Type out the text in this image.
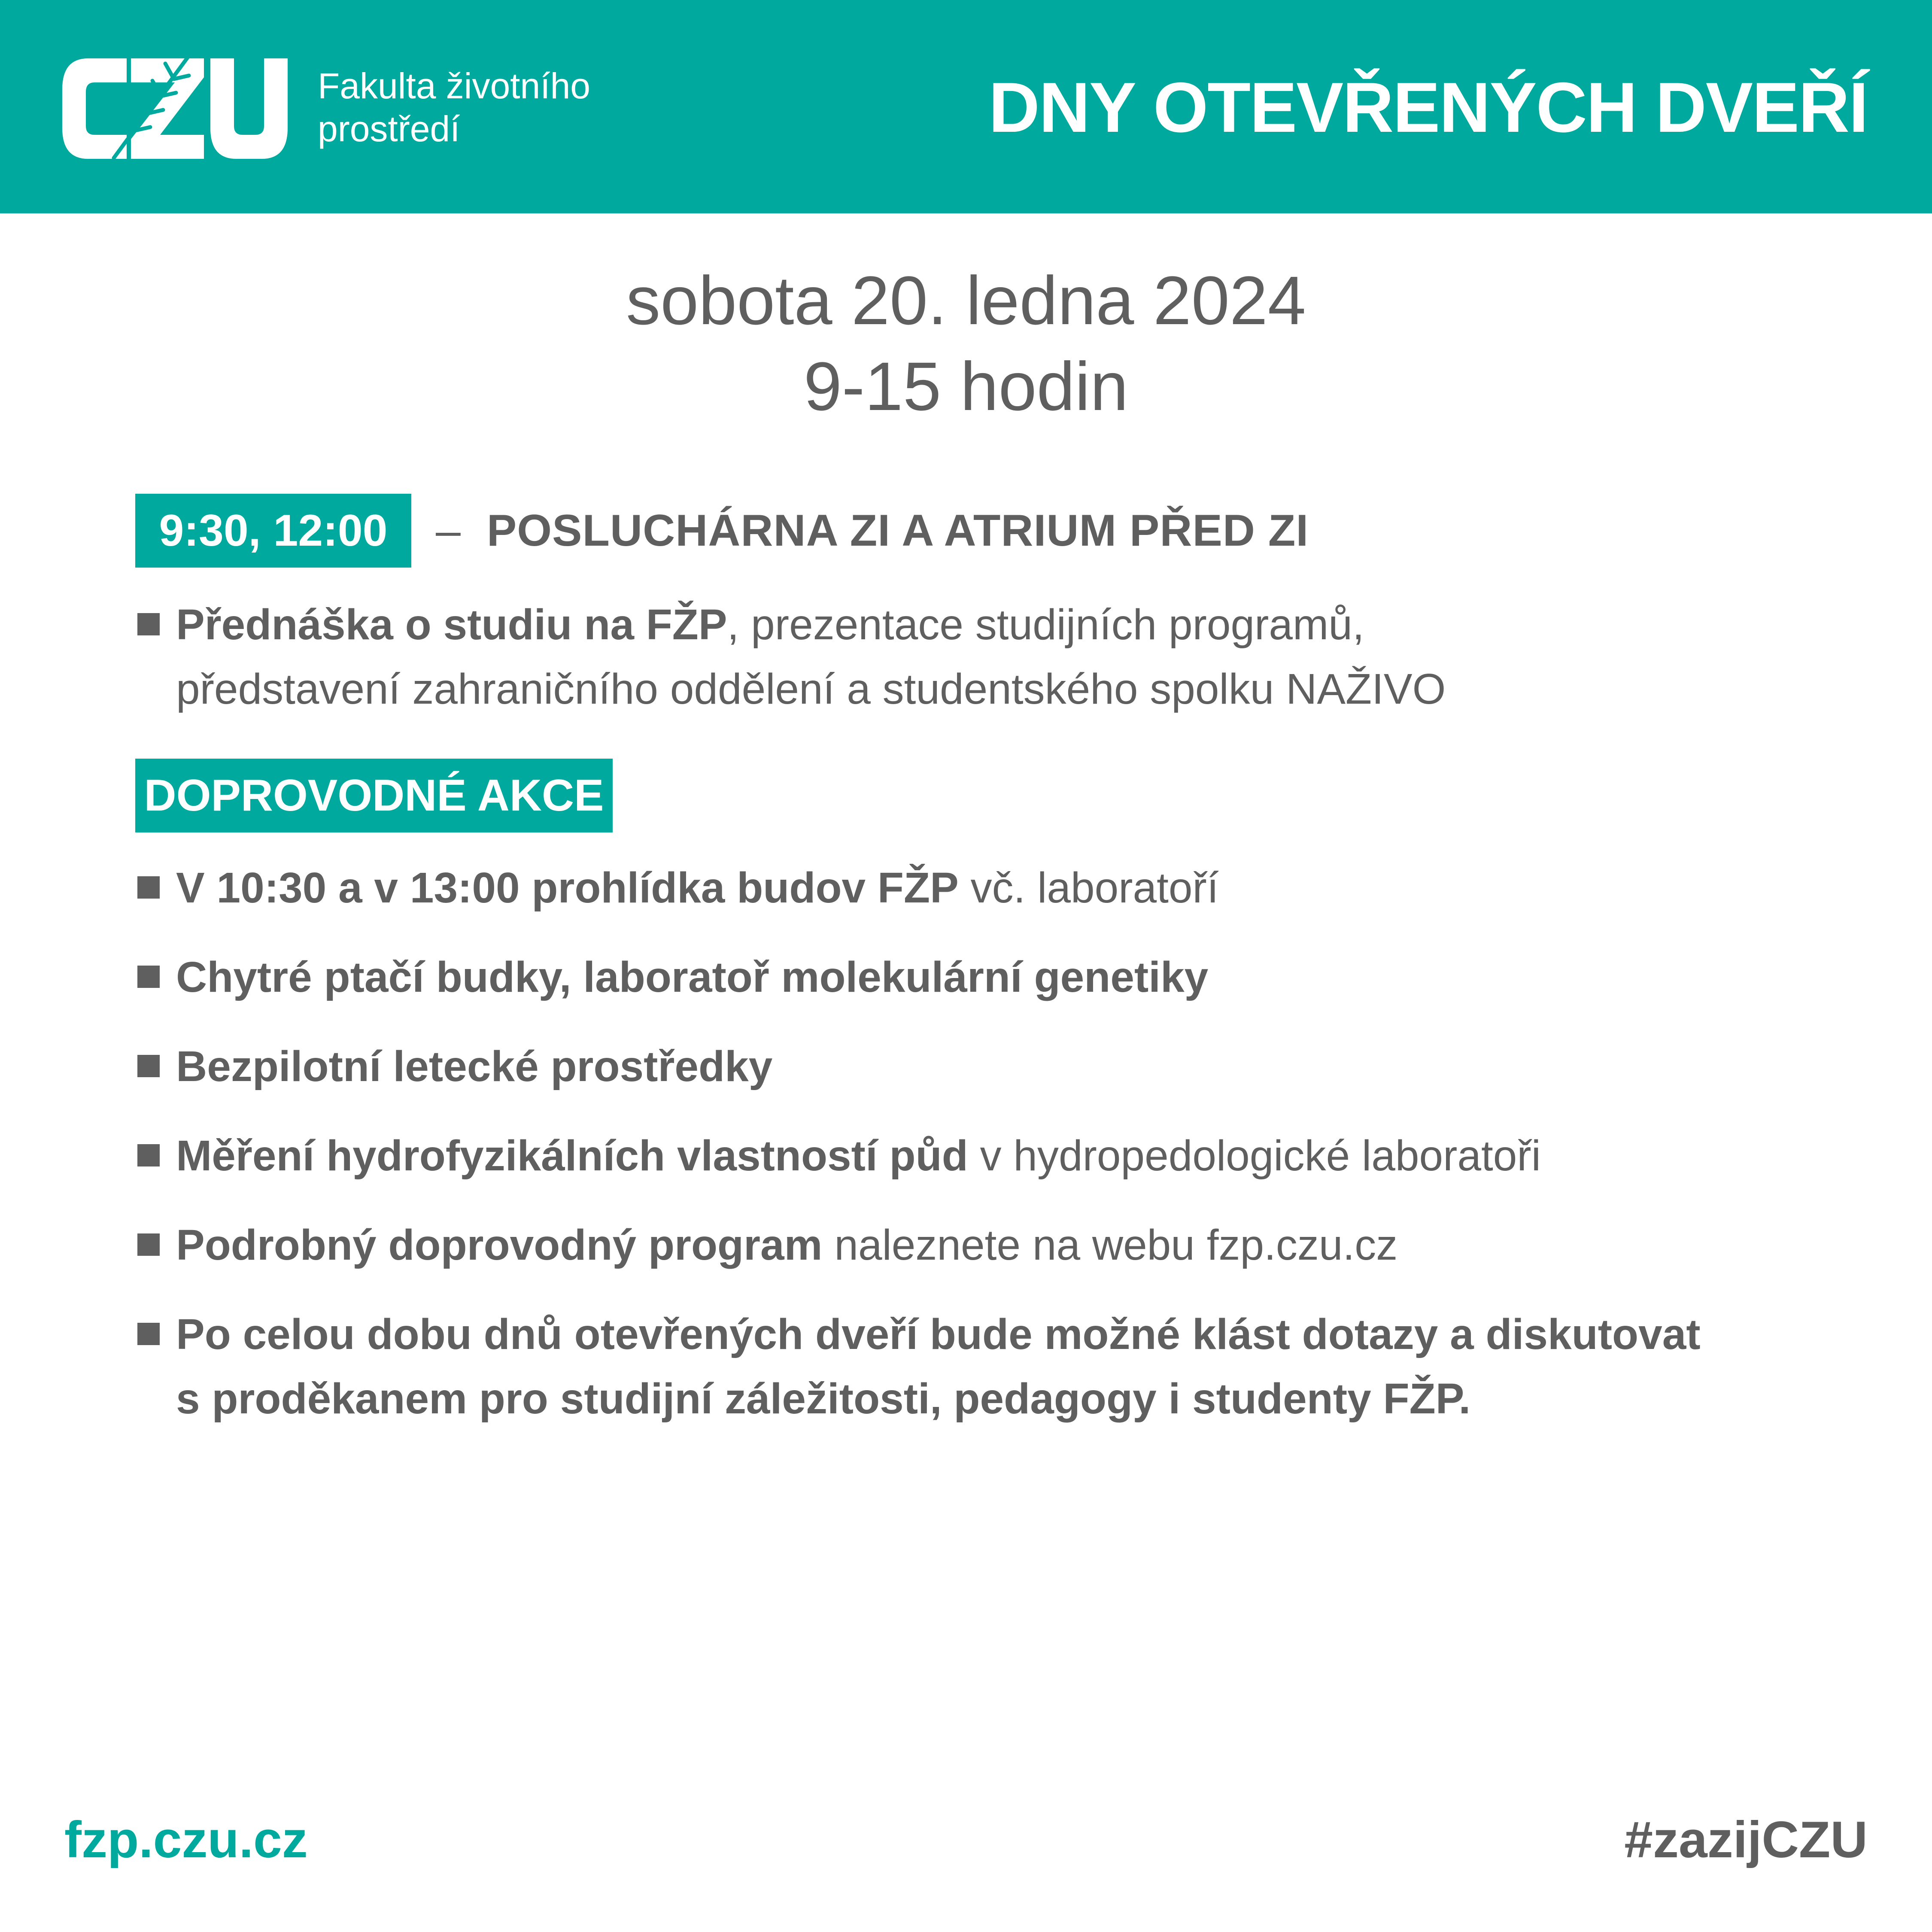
Fakulta životního
prostředí	DNY OTEVŘENÝCH DVEŘÍ
sobota 20. ledna 2024
9-15 hodin
9:30, 12:00	– POSLUCHÁRNA ZI A ATRIUM PŘED ZI
Přednáška o studiu na FŽP, prezentace studijních programů,
představení zahraničního oddělení a studentského spolku NAŽIVO
DOPROVODNÉ AKCE
V 10:30 a v 13:00 prohlídka budov FŽP vč. laboratoří
Chytré ptačí budky, laboratoř molekulární genetiky
Bezpilotní letecké prostředky
Měření hydrofyzikálních vlastností půd v hydropedologické laboratoři
Podrobný doprovodný program naleznete na webu fzp.czu.cz
Po celou dobu dnů otevřených dveří bude možné klást dotazy a diskutovat
s proděkanem pro studijní záležitosti, pedagogy i studenty FŽP.
fzp.czu.cz	#zazijCZU
